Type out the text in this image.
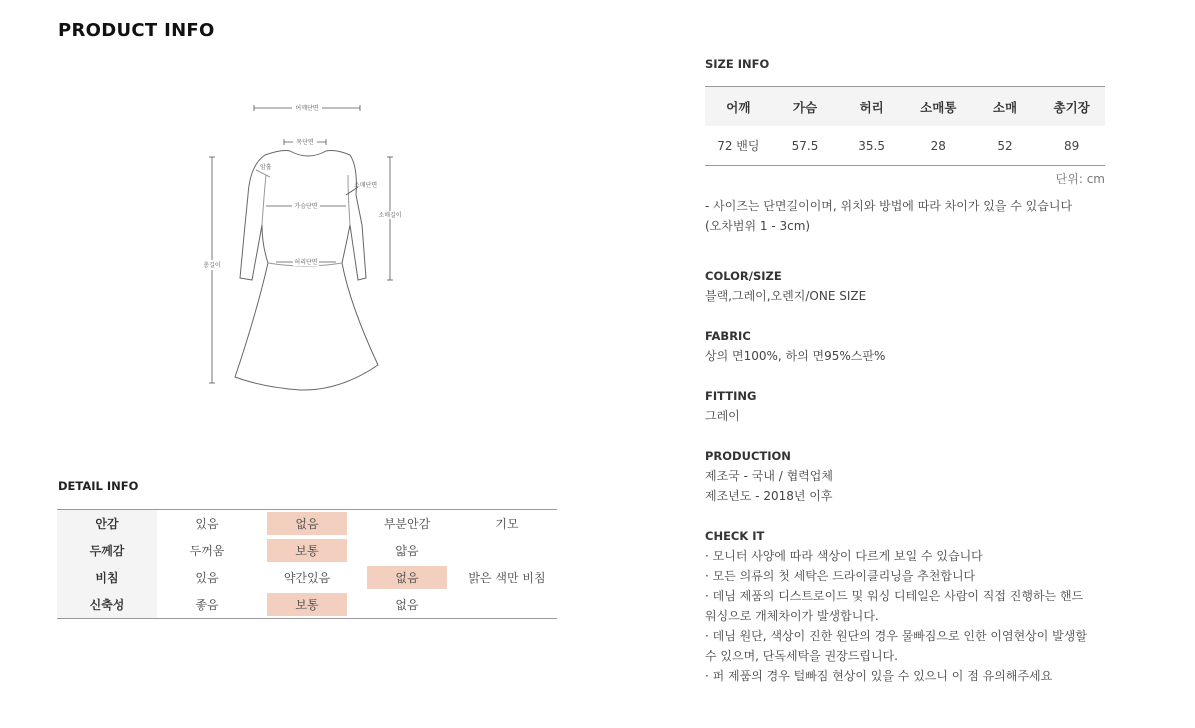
PRODUCT INFO
어깨단면
목단면
암홀
소매단면
가슴단면
소매길이
허리단면
총길이
DETAIL INFO
안감	있음	없음	부분안감	기모

두께감	두꺼움	보통	얇음	

비침	있음	약간있음	없음	밝은 색만 비침

신축성	좋음	보통	없음	

SIZE INFO
어깨	가슴	허리	소매통	소매	총기장
72 밴딩	57.5	35.5	28	52	89
단위: cm

- 사이즈는 단면길이이며, 위치와 방법에 따라 차이가 있을 수 있습니다

(오차범위 1 - 3cm)

COLOR/SIZE

블랙,그레이,오렌지/ONE SIZE

FABRIC

상의 면100%, 하의 면95%스판%

FITTING

그레이

PRODUCTION

제조국 - 국내 / 협력업체

제조년도 - 2018년 이후

CHECK IT

· 모니터 사양에 따라 색상이 다르게 보일 수 있습니다

· 모든 의류의 첫 세탁은 드라이클리닝을 추천합니다

· 데님 제품의 디스트로이드 및 워싱 디테일은 사람이 직접 진행하는 핸드

워싱으로 개체차이가 발생합니다.

· 데님 원단, 색상이 진한 원단의 경우 물빠짐으로 인한 이염현상이 발생할

수 있으며, 단독세탁을 권장드립니다.

· 퍼 제품의 경우 털빠짐 현상이 있을 수 있으니 이 점 유의해주세요
